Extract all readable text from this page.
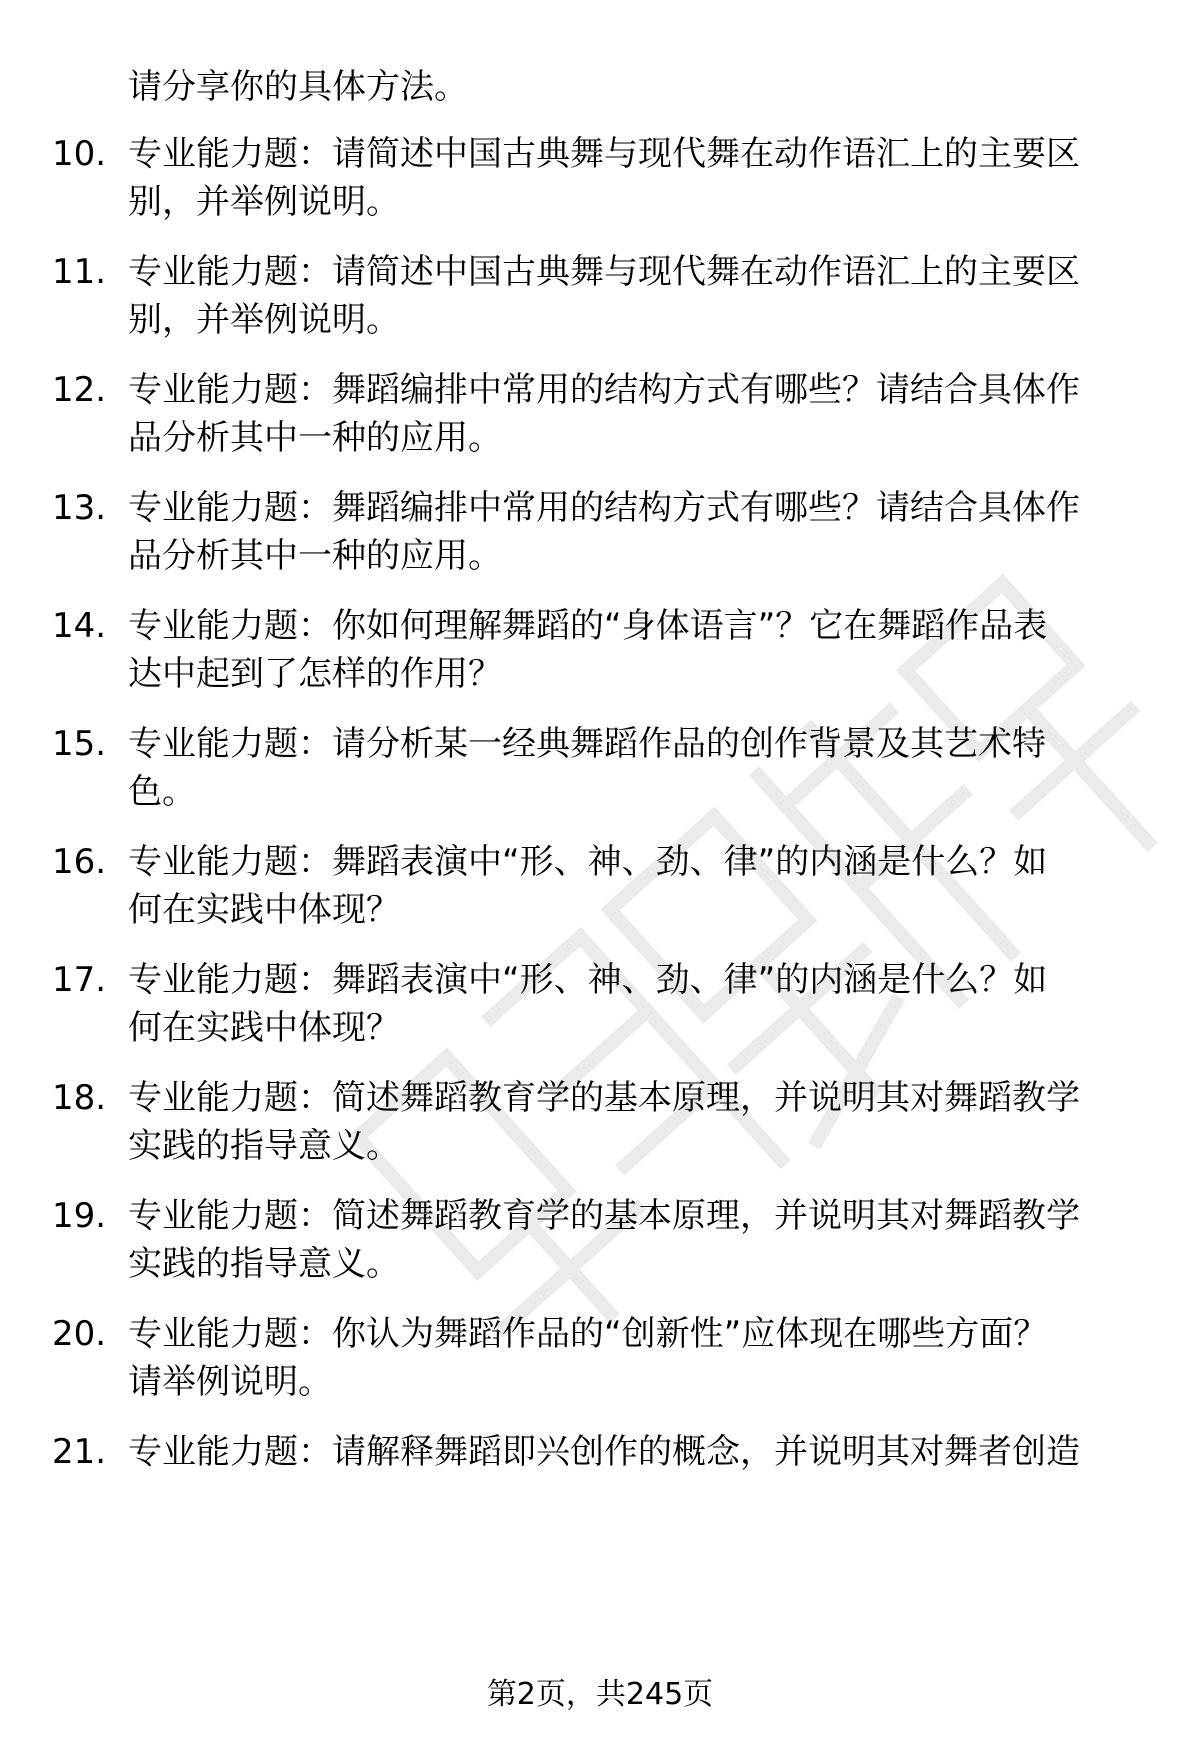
请分享你的具体方法。
10. 专业能力题：请简述中国古典舞与现代舞在动作语汇上的主要区
别，并举例说明。
11. 专业能力题：请简述中国古典舞与现代舞在动作语汇上的主要区
别，并举例说明。
12. 专业能力题：舞蹈编排中常用的结构方式有哪些？请结合具体作
品分析其中一种的应用。
13. 专业能力题：舞蹈编排中常用的结构方式有哪些？请结合具体作
品分析其中一种的应用。
14. 专业能力题：你如何理解舞蹈的“身体语言”？它在舞蹈作品表
达中起到了怎样的作用？
15. 专业能力题：请分析某一经典舞蹈作品的创作背景及其艺术特
色。
16. 专业能力题：舞蹈表演中“形、神、劲、律”的内涵是什么？如
何在实践中体现？
17. 专业能力题：舞蹈表演中“形、神、劲、律”的内涵是什么？如
何在实践中体现？
18. 专业能力题：简述舞蹈教育学的基本原理，并说明其对舞蹈教学
实践的指导意义。
19. 专业能力题：简述舞蹈教育学的基本原理，并说明其对舞蹈教学
实践的指导意义。
20. 专业能力题：你认为舞蹈作品的“创新性”应体现在哪些方面？
请举例说明。
21. 专业能力题：请解释舞蹈即兴创作的概念，并说明其对舞者创造
第2页，共245页
